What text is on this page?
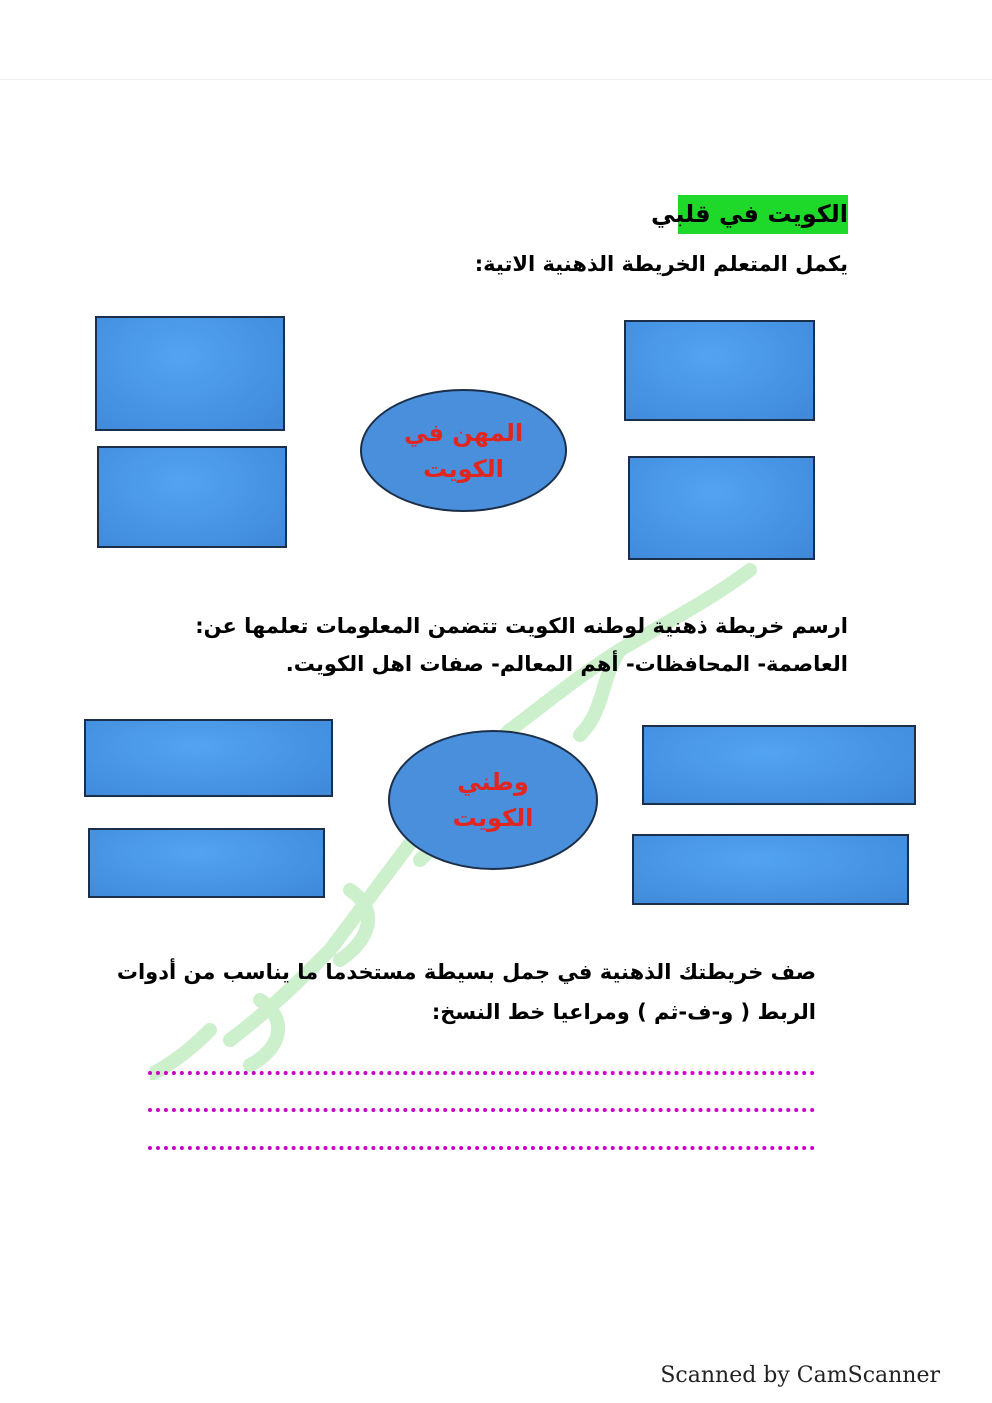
الكويت في قلبي
يكمل المتعلم الخريطة الذهنية الاتية:
المهن في
الكويت
ارسم خريطة ذهنية لوطنه الكويت تتضمن المعلومات تعلمها عن:
العاصمة- المحافظات- أهم المعالم- صفات اهل الكويت.
وطني
الكويت
صف خريطتك الذهنية في جمل بسيطة مستخدما ما يناسب من أدوات
الربط ( و-ف-ثم ) ومراعيا خط النسخ:
Scanned by CamScanner
